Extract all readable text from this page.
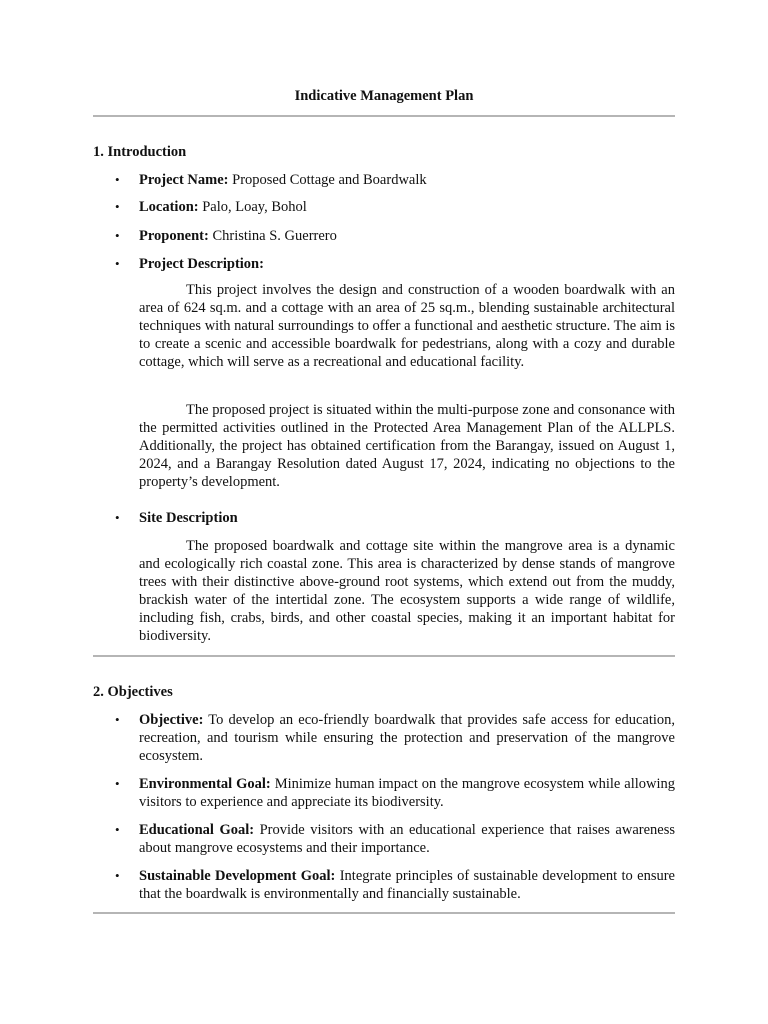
Indicative Management Plan
1. Introduction
• Project Name: Proposed Cottage and Boardwalk
• Location: Palo, Loay, Bohol
• Proponent: Christina S. Guerrero
• Project Description:
This project involves the design and construction of a wooden boardwalk with an area of 624 sq.m. and a cottage with an area of 25 sq.m., blending sustainable architectural techniques with natural surroundings to offer a functional and aesthetic structure. The aim is to create a scenic and accessible boardwalk for pedestrians, along with a cozy and durable cottage, which will serve as a recreational and educational facility.
The proposed project is situated within the multi-purpose zone and consonance with the permitted activities outlined in the Protected Area Management Plan of the ALLPLS. Additionally, the project has obtained certification from the Barangay, issued on August 1, 2024, and a Barangay Resolution dated August 17, 2024, indicating no objections to the property’s development.
• Site Description
The proposed boardwalk and cottage site within the mangrove area is a dynamic and ecologically rich coastal zone. This area is characterized by dense stands of mangrove trees with their distinctive above-ground root systems, which extend out from the muddy, brackish water of the intertidal zone. The ecosystem supports a wide range of wildlife, including fish, crabs, birds, and other coastal species, making it an important habitat for biodiversity.
2. Objectives
• Objective: To develop an eco-friendly boardwalk that provides safe access for education, recreation, and tourism while ensuring the protection and preservation of the mangrove ecosystem.
• Environmental Goal: Minimize human impact on the mangrove ecosystem while allowing visitors to experience and appreciate its biodiversity.
• Educational Goal: Provide visitors with an educational experience that raises awareness about mangrove ecosystems and their importance.
• Sustainable Development Goal: Integrate principles of sustainable development to ensure that the boardwalk is environmentally and financially sustainable.
